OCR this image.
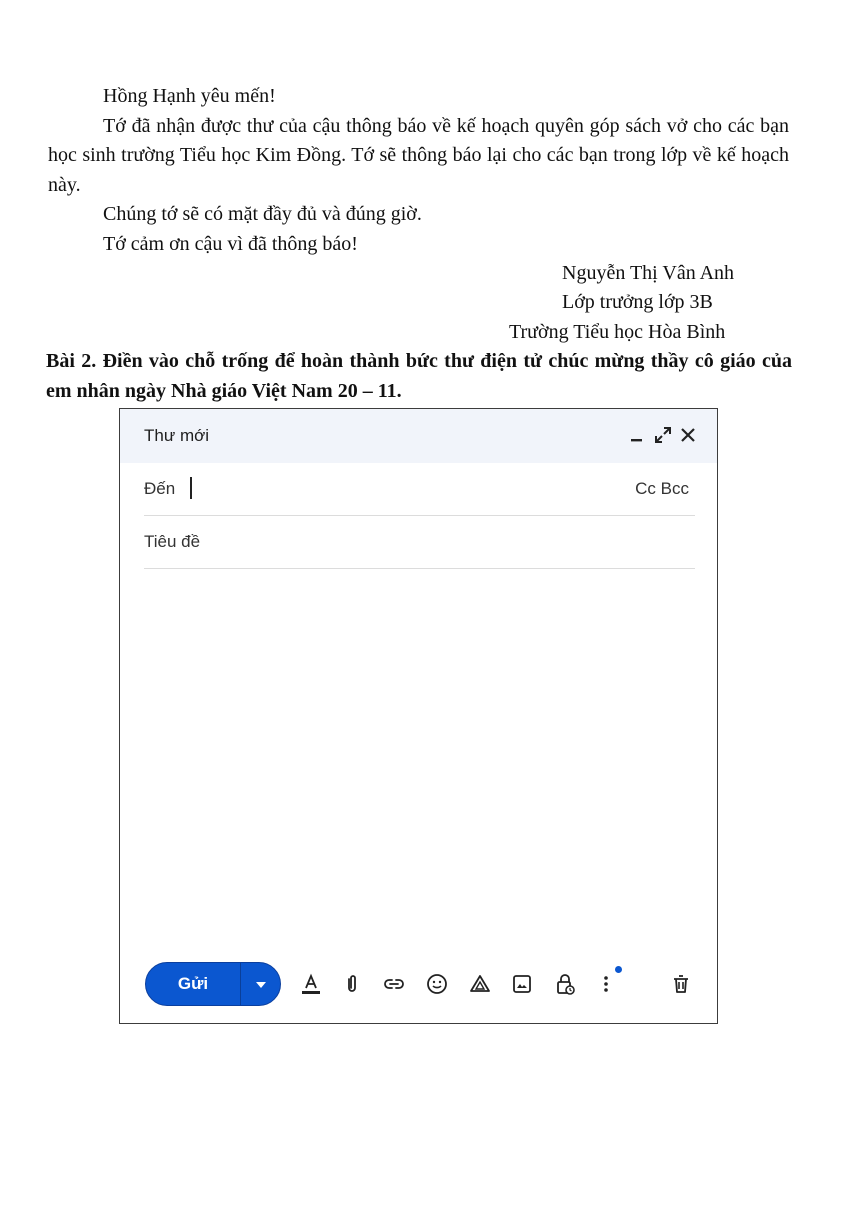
Hồng Hạnh yêu mến!

Tớ đã nhận được thư của cậu thông báo về kế hoạch quyên góp sách vở cho các bạn học sinh trường Tiểu học Kim Đồng. Tớ sẽ thông báo lại cho các bạn trong lớp về kế hoạch này.

Chúng tớ sẽ có mặt đầy đủ và đúng giờ.

Tớ cảm ơn cậu vì đã thông báo!

Nguyễn Thị Vân Anh
Lớp trưởng lớp 3B
Trường Tiểu học Hòa Bình
Bài 2. Điền vào chỗ trống để hoàn thành bức thư điện tử chúc mừng thầy cô giáo của em nhân ngày Nhà giáo Việt Nam 20 – 11.
Thư mới
Đến	Cc Bcc
Tiêu đề
Gửi
